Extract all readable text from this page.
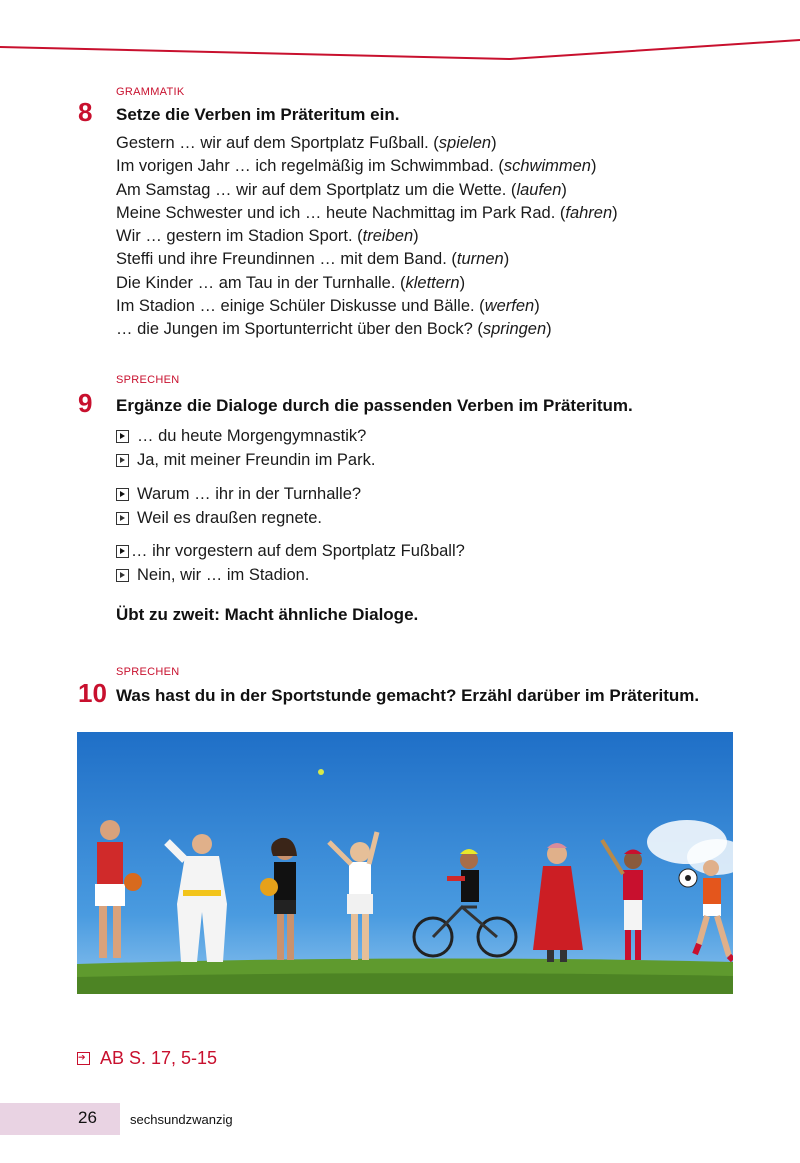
GRAMMATIK
8 Setze die Verben im Präteritum ein.
Gestern … wir auf dem Sportplatz Fußball. (spielen)
Im vorigen Jahr … ich regelmäßig im Schwimmbad. (schwimmen)
Am Samstag … wir auf dem Sportplatz um die Wette. (laufen)
Meine Schwester und ich … heute Nachmittag im Park Rad. (fahren)
Wir … gestern im Stadion Sport. (treiben)
Steffi und ihre Freundinnen … mit dem Band. (turnen)
Die Kinder … am Tau in der Turnhalle. (klettern)
Im Stadion … einige Schüler Diskusse und Bälle. (werfen)
… die Jungen im Sportunterricht über den Bock? (springen)
SPRECHEN
9 Ergänze die Dialoge durch die passenden Verben im Präteritum.
… du heute Morgengymnastik?
Ja, mit meiner Freundin im Park.
Warum … ihr in der Turnhalle?
Weil es draußen regnete.
… ihr vorgestern auf dem Sportplatz Fußball?
Nein, wir … im Stadion.
Übt zu zweit: Macht ähnliche Dialoge.
SPRECHEN
10 Was hast du in der Sportstunde gemacht? Erzähl darüber im Präteritum.
➔
AB S. 17, 5-15
26	sechsundzwanzig
